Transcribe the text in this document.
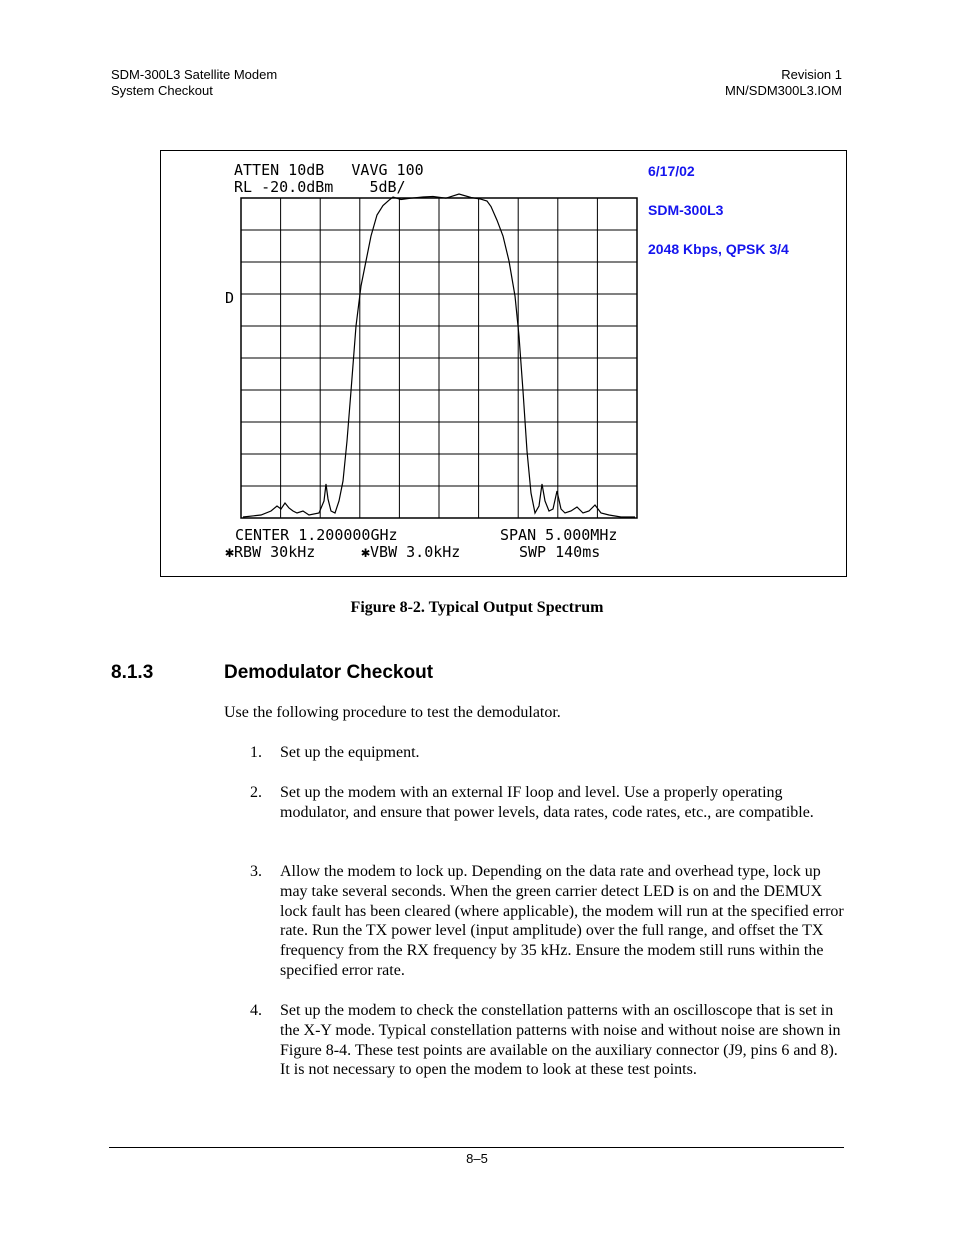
SDM-300L3 Satellite Modem
System Checkout
Revision 1
MN/SDM300L3.IOM
ATTEN 10dB   VAVG 100
RL -20.0dBm    5dB/
D
CENTER 1.200000GHz	SPAN 5.000MHz
✱RBW 30kHz	✱VBW 3.0kHz	SWP 140ms
6/17/02
SDM-300L3
2048 Kbps, QPSK 3/4
Figure 8-2. Typical Output Spectrum
8.1.3	Demodulator Checkout
Use the following procedure to test the demodulator.
1. Set up the equipment.
2. Set up the modem with an external IF loop and level. Use a properly operating modulator, and ensure that power levels, data rates, code rates, etc., are compatible.
3. Allow the modem to lock up. Depending on the data rate and overhead type, lock up may take several seconds. When the green carrier detect LED is on and the DEMUX lock fault has been cleared (where applicable), the modem will run at the specified error rate. Run the TX power level (input amplitude) over the full range, and offset the TX frequency from the RX frequency by 35 kHz. Ensure the modem still runs within the specified error rate.
4. Set up the modem to check the constellation patterns with an oscilloscope that is set in the X-Y mode. Typical constellation patterns with noise and without noise are shown in Figure 8-4. These test points are available on the auxiliary connector (J9, pins 6 and 8). It is not necessary to open the modem to look at these test points.
8–5
